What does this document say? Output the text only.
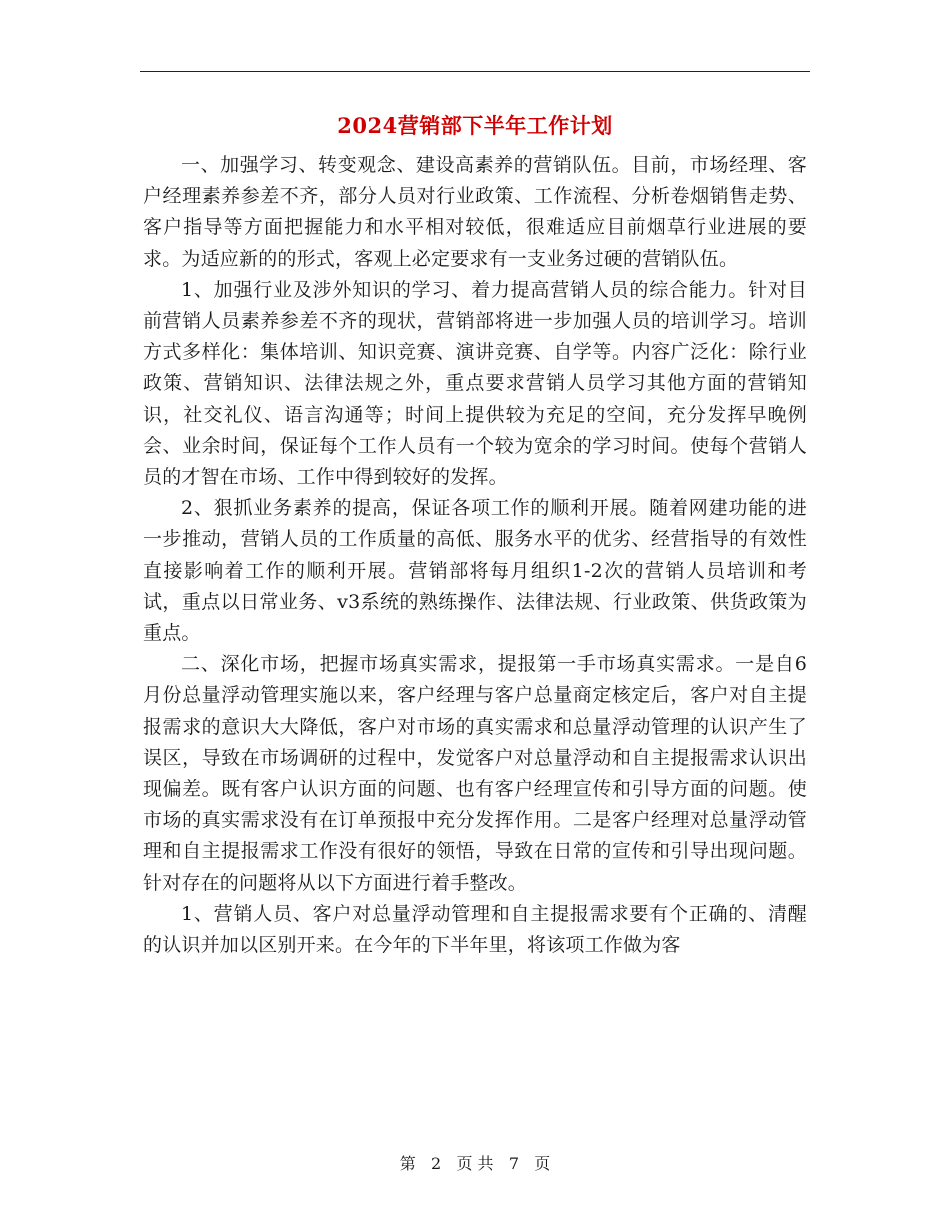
2024营销部下半年工作计划

一、加强学习、转变观念、建设高素养的营销队伍。目前，市场经理、客户经理素养参差不齐，部分人员对行业政策、工作流程、分析卷烟销售走势、客户指导等方面把握能力和水平相对较低，很难适应目前烟草行业进展的要求。为适应新的的形式，客观上必定要求有一支业务过硬的营销队伍。

1、加强行业及涉外知识的学习、着力提高营销人员的综合能力。针对目前营销人员素养参差不齐的现状，营销部将进一步加强人员的培训学习。培训方式多样化：集体培训、知识竞赛、演讲竞赛、自学等。内容广泛化：除行业政策、营销知识、法律法规之外，重点要求营销人员学习其他方面的营销知识，社交礼仪、语言沟通等；时间上提供较为充足的空间，充分发挥早晚例会、业余时间，保证每个工作人员有一个较为宽余的学习时间。使每个营销人员的才智在市场、工作中得到较好的发挥。

2、狠抓业务素养的提高，保证各项工作的顺利开展。随着网建功能的进一步推动，营销人员的工作质量的高低、服务水平的优劣、经营指导的有效性直接影响着工作的顺利开展。营销部将每月组织1-2次的营销人员培训和考试，重点以日常业务、v3系统的熟练操作、法律法规、行业政策、供货政策为重点。

二、深化市场，把握市场真实需求，提报第一手市场真实需求。一是自6月份总量浮动管理实施以来，客户经理与客户总量商定核定后，客户对自主提报需求的意识大大降低，客户对市场的真实需求和总量浮动管理的认识产生了误区，导致在市场调研的过程中，发觉客户对总量浮动和自主提报需求认识出现偏差。既有客户认识方面的问题、也有客户经理宣传和引导方面的问题。使市场的真实需求没有在订单预报中充分发挥作用。二是客户经理对总量浮动管理和自主提报需求工作没有很好的领悟，导致在日常的宣传和引导出现问题。针对存在的问题将从以下方面进行着手整改。

1、营销人员、客户对总量浮动管理和自主提报需求要有个正确的、清醒的认识并加以区别开来。在今年的下半年里，将该项工作做为客

第 2 页 共 7 页
